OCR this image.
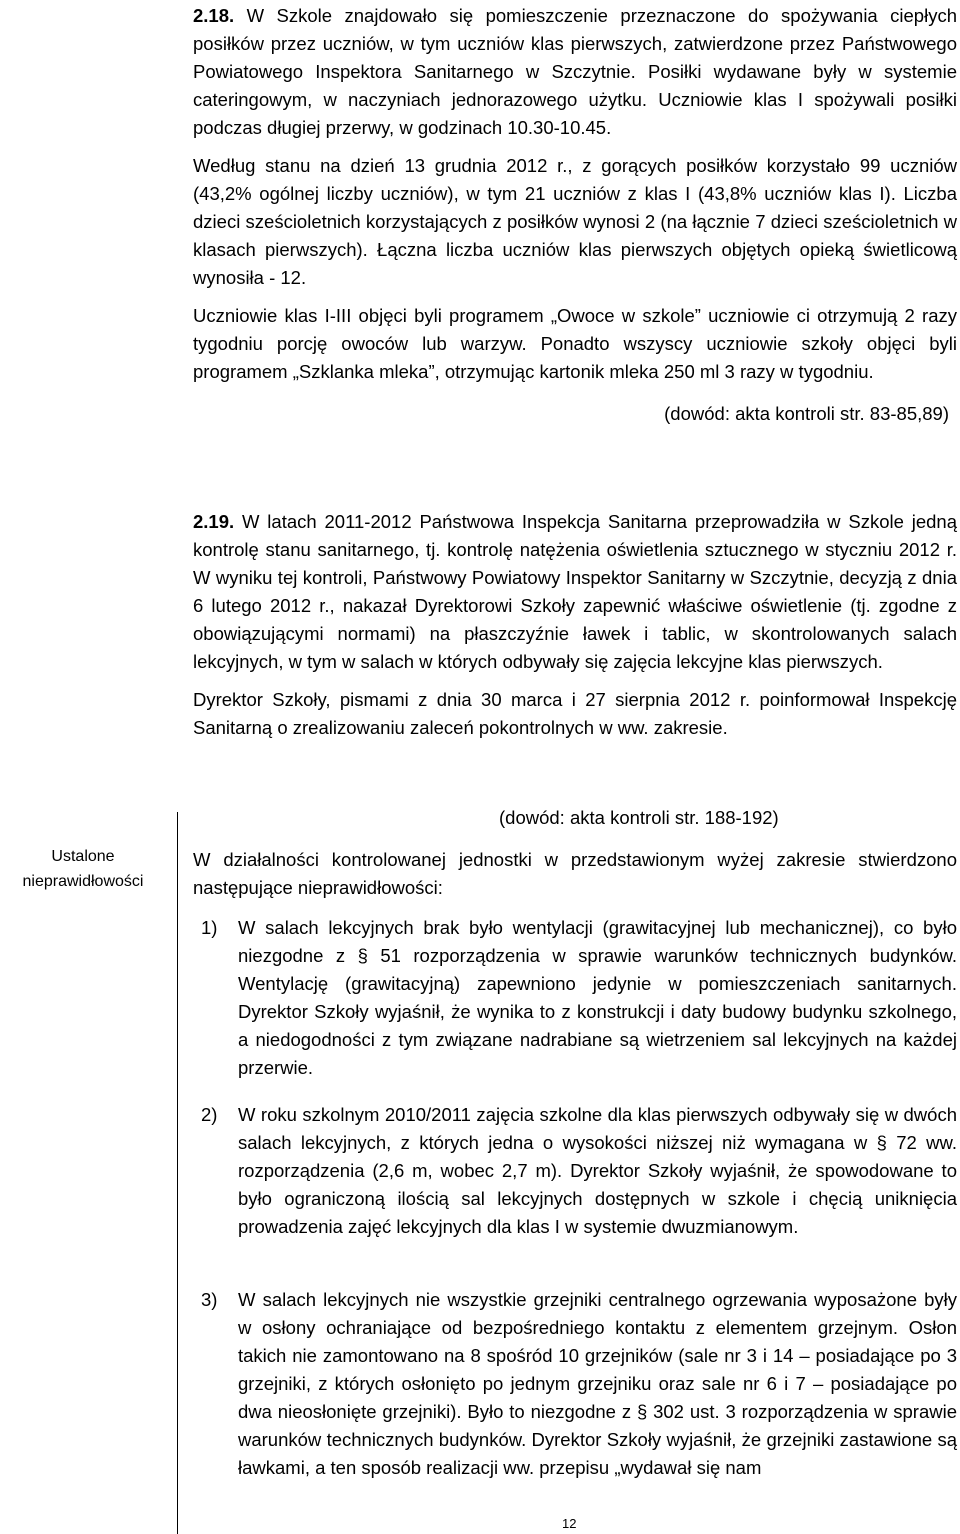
2.18. W Szkole znajdowało się pomieszczenie przeznaczone do spożywania ciepłych posiłków przez uczniów, w tym uczniów klas pierwszych, zatwierdzone przez Państwowego Powiatowego Inspektora Sanitarnego w Szczytnie. Posiłki wydawane były w systemie cateringowym, w naczyniach jednorazowego użytku. Uczniowie klas I spożywali posiłki podczas długiej przerwy, w godzinach 10.30-10.45.

Według stanu na dzień 13 grudnia 2012 r., z gorących posiłków korzystało 99 uczniów (43,2% ogólnej liczby uczniów), w tym 21 uczniów z klas I (43,8% uczniów klas I). Liczba dzieci sześcioletnich korzystających z posiłków wynosi 2 (na łącznie 7 dzieci sześcioletnich w klasach pierwszych). Łączna liczba uczniów klas pierwszych objętych opieką świetlicową wynosiła - 12.

Uczniowie klas I-III objęci byli programem „Owoce w szkole” uczniowie ci otrzymują 2 razy tygodniu porcję owoców lub warzyw. Ponadto wszyscy uczniowie szkoły objęci byli programem „Szklanka mleka”, otrzymując kartonik mleka 250 ml 3 razy w tygodniu.

(dowód: akta kontroli str. 83-85,89)

2.19. W latach 2011-2012 Państwowa Inspekcja Sanitarna przeprowadziła w Szkole jedną kontrolę stanu sanitarnego, tj. kontrolę natężenia oświetlenia sztucznego w styczniu 2012 r. W wyniku tej kontroli, Państwowy Powiatowy Inspektor Sanitarny w Szczytnie, decyzją z dnia 6 lutego 2012 r., nakazał Dyrektorowi Szkoły zapewnić właściwe oświetlenie (tj. zgodne z obowiązującymi normami) na płaszczyźnie ławek i tablic, w skontrolowanych salach lekcyjnych, w tym w salach w których odbywały się zajęcia lekcyjne klas pierwszych.

Dyrektor Szkoły, pismami z dnia 30 marca i 27 sierpnia 2012 r. poinformował Inspekcję Sanitarną o zrealizowaniu zaleceń pokontrolnych w ww. zakresie.

(dowód: akta kontroli str. 188-192)

Ustalone nieprawidłowości

W działalności kontrolowanej jednostki w przedstawionym wyżej zakresie stwierdzono następujące nieprawidłowości:

1) W salach lekcyjnych brak było wentylacji (grawitacyjnej lub mechanicznej), co było niezgodne z § 51 rozporządzenia w sprawie warunków technicznych budynków. Wentylację (grawitacyjną) zapewniono jedynie w pomieszczeniach sanitarnych. Dyrektor Szkoły wyjaśnił, że wynika to z konstrukcji i daty budowy budynku szkolnego, a niedogodności z tym związane nadrabiane są wietrzeniem sal lekcyjnych na każdej przerwie.

2) W roku szkolnym 2010/2011 zajęcia szkolne dla klas pierwszych odbywały się w dwóch salach lekcyjnych, z których jedna o wysokości niższej niż wymagana w § 72 ww. rozporządzenia (2,6 m, wobec 2,7 m). Dyrektor Szkoły wyjaśnił, że spowodowane to było ograniczoną ilością sal lekcyjnych dostępnych w szkole i chęcią uniknięcia prowadzenia zajęć lekcyjnych dla klas I w systemie dwuzmianowym.

3) W salach lekcyjnych nie wszystkie grzejniki centralnego ogrzewania wyposażone były w osłony ochraniające od bezpośredniego kontaktu z elementem grzejnym. Osłon takich nie zamontowano na 8 spośród 10 grzejników (sale nr 3 i 14 – posiadające po 3 grzejniki, z których osłonięto po jednym grzejniku oraz sale nr 6 i 7 – posiadające po dwa nieosłonięte grzejniki). Było to niezgodne z § 302 ust. 3 rozporządzenia w sprawie warunków technicznych budynków. Dyrektor Szkoły wyjaśnił, że grzejniki zastawione są ławkami, a ten sposób realizacji ww. przepisu „wydawał się nam

12
